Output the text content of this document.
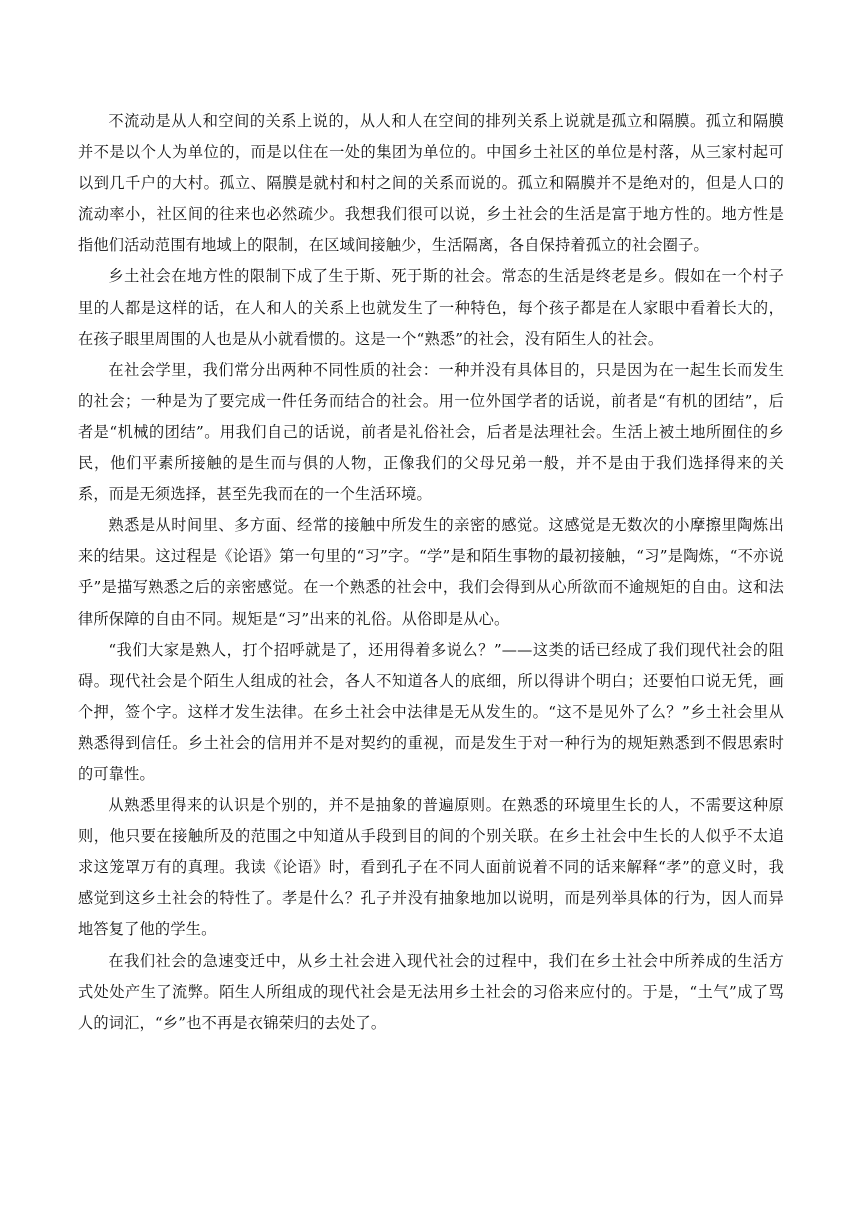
不流动是从人和空间的关系上说的，从人和人在空间的排列关系上说就是孤立和隔膜。孤立和隔膜并不是以个人为单位的，而是以住在一处的集团为单位的。中国乡土社区的单位是村落，从三家村起可以到几千户的大村。孤立、隔膜是就村和村之间的关系而说的。孤立和隔膜并不是绝对的，但是人口的流动率小，社区间的往来也必然疏少。我想我们很可以说，乡土社会的生活是富于地方性的。地方性是指他们活动范围有地域上的限制，在区域间接触少，生活隔离，各自保持着孤立的社会圈子。

乡土社会在地方性的限制下成了生于斯、死于斯的社会。常态的生活是终老是乡。假如在一个村子里的人都是这样的话，在人和人的关系上也就发生了一种特色，每个孩子都是在人家眼中看着长大的，在孩子眼里周围的人也是从小就看惯的。这是一个“熟悉”的社会，没有陌生人的社会。

在社会学里，我们常分出两种不同性质的社会：一种并没有具体目的，只是因为在一起生长而发生的社会；一种是为了要完成一件任务而结合的社会。用一位外国学者的话说，前者是“有机的团结”，后者是“机械的团结”。用我们自己的话说，前者是礼俗社会，后者是法理社会。生活上被土地所囿住的乡民，他们平素所接触的是生而与俱的人物，正像我们的父母兄弟一般，并不是由于我们选择得来的关系，而是无须选择，甚至先我而在的一个生活环境。

熟悉是从时间里、多方面、经常的接触中所发生的亲密的感觉。这感觉是无数次的小摩擦里陶炼出来的结果。这过程是《论语》第一句里的“习”字。“学”是和陌生事物的最初接触，“习”是陶炼，“不亦说乎”是描写熟悉之后的亲密感觉。在一个熟悉的社会中，我们会得到从心所欲而不逾规矩的自由。这和法律所保障的自由不同。规矩是“习”出来的礼俗。从俗即是从心。

“我们大家是熟人，打个招呼就是了，还用得着多说么？”——这类的话已经成了我们现代社会的阻碍。现代社会是个陌生人组成的社会，各人不知道各人的底细，所以得讲个明白；还要怕口说无凭，画个押，签个字。这样才发生法律。在乡土社会中法律是无从发生的。“这不是见外了么？”乡土社会里从熟悉得到信任。乡土社会的信用并不是对契约的重视，而是发生于对一种行为的规矩熟悉到不假思索时的可靠性。

从熟悉里得来的认识是个别的，并不是抽象的普遍原则。在熟悉的环境里生长的人，不需要这种原则，他只要在接触所及的范围之中知道从手段到目的间的个别关联。在乡土社会中生长的人似乎不太追求这笼罩万有的真理。我读《论语》时，看到孔子在不同人面前说着不同的话来解释“孝”的意义时，我感觉到这乡土社会的特性了。孝是什么？孔子并没有抽象地加以说明，而是列举具体的行为，因人而异地答复了他的学生。

在我们社会的急速变迁中，从乡土社会进入现代社会的过程中，我们在乡土社会中所养成的生活方式处处产生了流弊。陌生人所组成的现代社会是无法用乡土社会的习俗来应付的。于是，“土气”成了骂人的词汇，“乡”也不再是衣锦荣归的去处了。
